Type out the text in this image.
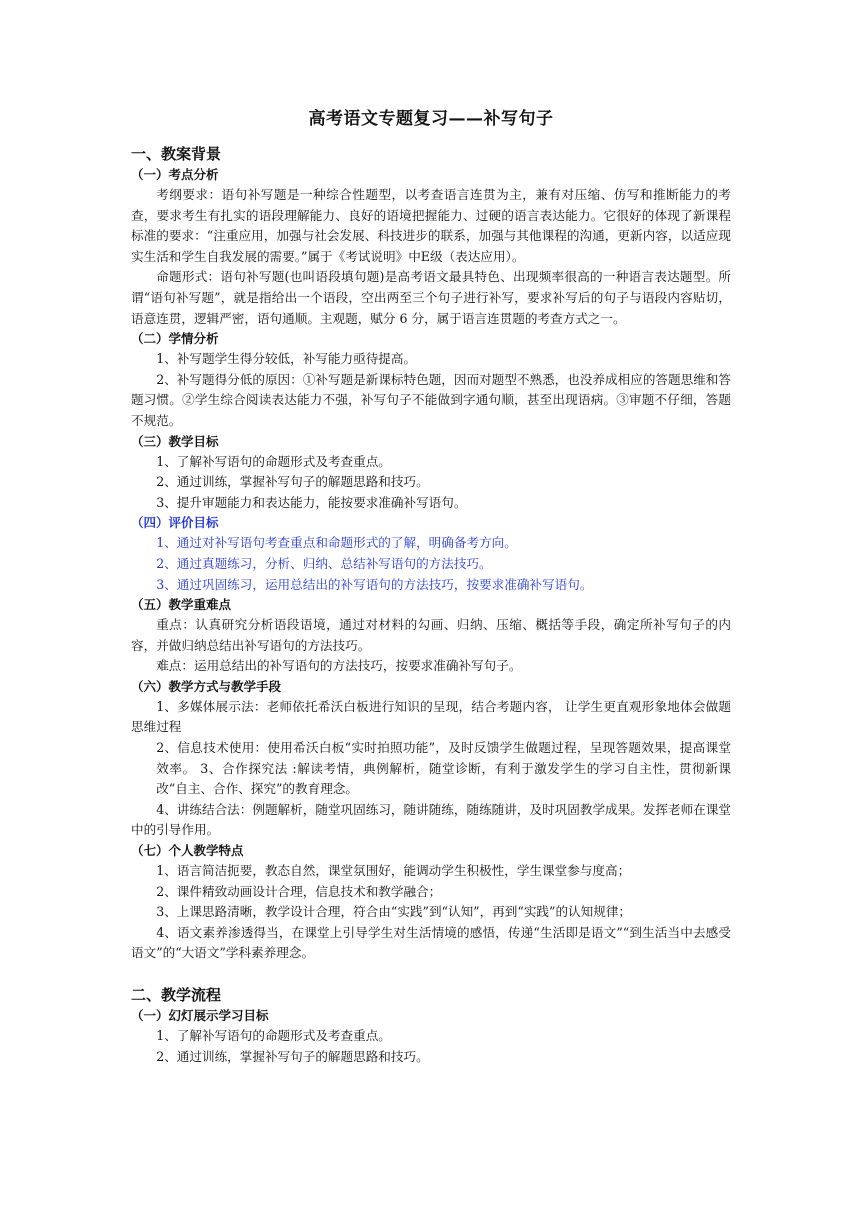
高考语文专题复习——补写句子
一、教案背景
（一）考点分析

考纲要求：语句补写题是一种综合性题型，以考查语言连贯为主，兼有对压缩、仿写和推断能力的考查，要求考生有扎实的语段理解能力、良好的语境把握能力、过硬的语言表达能力。它很好的体现了新课程标准的要求：“注重应用，加强与社会发展、科技进步的联系，加强与其他课程的沟通，更新内容，以适应现实生活和学生自我发展的需要。”属于《考试说明》中E级（表达应用）。

命题形式：语句补写题(也叫语段填句题)是高考语文最具特色、出现频率很高的一种语言表达题型。所谓“语句补写题”，就是指给出一个语段，空出两至三个句子进行补写，要求补写后的句子与语段内容贴切，语意连贯，逻辑严密，语句通顺。主观题，赋分 6 分，属于语言连贯题的考查方式之一。

（二）学情分析

1、补写题学生得分较低，补写能力亟待提高。

2、补写题得分低的原因：①补写题是新课标特色题，因而对题型不熟悉，也没养成相应的答题思维和答题习惯。②学生综合阅读表达能力不强，补写句子不能做到字通句顺，甚至出现语病。③审题不仔细，答题不规范。

（三）教学目标

1、了解补写语句的命题形式及考查重点。

2、通过训练，掌握补写句子的解题思路和技巧。

3、提升审题能力和表达能力，能按要求准确补写语句。

（四）评价目标

1、通过对补写语句考查重点和命题形式的了解，明确备考方向。

2、通过真题练习，分析、归纳、总结补写语句的方法技巧。

3、通过巩固练习，运用总结出的补写语句的方法技巧，按要求准确补写语句。

（五）教学重难点

重点：认真研究分析语段语境，通过对材料的勾画、归纳、压缩、概括等手段，确定所补写句子的内容，并做归纳总结出补写语句的方法技巧。

难点：运用总结出的补写语句的方法技巧，按要求准确补写句子。

（六）教学方式与教学手段

1、多媒体展示法：老师依托希沃白板进行知识的呈现，结合考题内容， 让学生更直观形象地体会做题思维过程

2、信息技术使用：使用希沃白板“实时拍照功能”，及时反馈学生做题过程，呈现答题效果，提高课堂效率。 3、合作探究法 :解读考情，典例解析，随堂诊断，有利于激发学生的学习自主性，贯彻新课改“自主、合作、探究”的教育理念。

4、讲练结合法：例题解析，随堂巩固练习，随讲随练，随练随讲，及时巩固教学成果。发挥老师在课堂中的引导作用。

（七）个人教学特点

1、语言简洁扼要，教态自然，课堂氛围好，能调动学生积极性，学生课堂参与度高；

2、课件精致动画设计合理，信息技术和教学融合；

3、上课思路清晰，教学设计合理，符合由“实践”到“认知”，再到“实践”的认知规律；

4、语文素养渗透得当，在课堂上引导学生对生活情境的感悟，传递“生活即是语文”“到生活当中去感受语文”的“大语文”学科素养理念。

二、教学流程
（一）幻灯展示学习目标

1、了解补写语句的命题形式及考查重点。

2、通过训练，掌握补写句子的解题思路和技巧。
